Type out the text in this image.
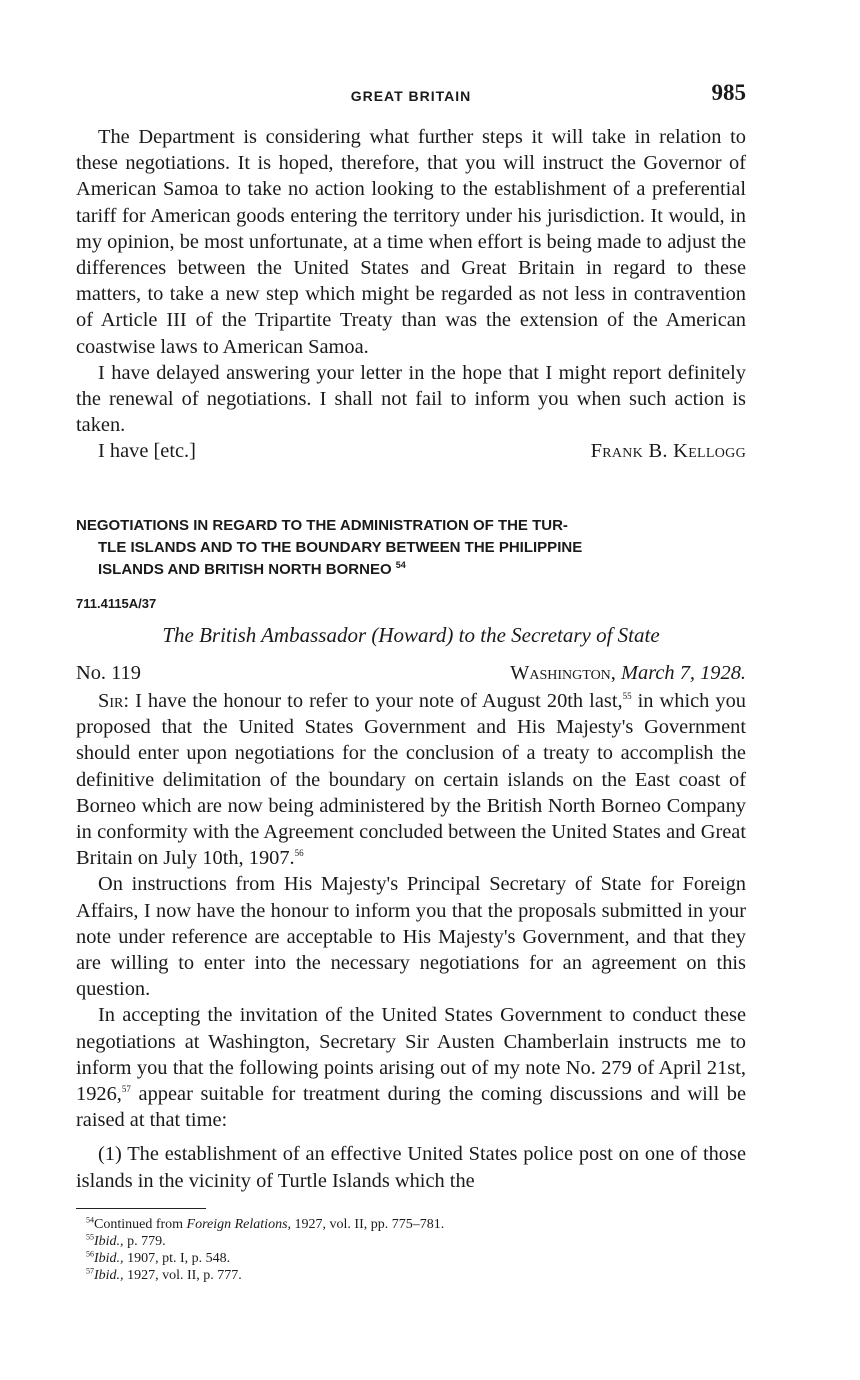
GREAT BRITAIN	985

The Department is considering what further steps it will take in relation to these negotiations. It is hoped, therefore, that you will instruct the Governor of American Samoa to take no action looking to the establishment of a preferential tariff for American goods entering the territory under his jurisdiction. It would, in my opinion, be most unfortunate, at a time when effort is being made to adjust the differences between the United States and Great Britain in regard to these matters, to take a new step which might be regarded as not less in contravention of Article III of the Tripartite Treaty than was the extension of the American coastwise laws to American Samoa.

I have delayed answering your letter in the hope that I might report definitely the renewal of negotiations. I shall not fail to inform you when such action is taken.

I have [etc.]	Frank B. Kellogg
NEGOTIATIONS IN REGARD TO THE ADMINISTRATION OF THE TUR-
TLE ISLANDS AND TO THE BOUNDARY BETWEEN THE PHILIPPINE
ISLANDS AND BRITISH NORTH BORNEO $^{54}$
711.4115A/37
The British Ambassador (Howard) to the Secretary of State
No. 119	Washington, March 7, 1928.

Sir: I have the honour to refer to your note of August 20th last,$^{55}$ in which you proposed that the United States Government and His Majesty's Government should enter upon negotiations for the conclusion of a treaty to accomplish the definitive delimitation of the boundary on certain islands on the East coast of Borneo which are now being administered by the British North Borneo Company in conformity with the Agreement concluded between the United States and Great Britain on July 10th, 1907.56

On instructions from His Majesty's Principal Secretary of State for Foreign Affairs, I now have the honour to inform you that the proposals submitted in your note under reference are acceptable to His Majesty's Government, and that they are willing to enter into the necessary negotiations for an agreement on this question.

In accepting the invitation of the United States Government to conduct these negotiations at Washington, Secretary Sir Austen Chamberlain instructs me to inform you that the following points arising out of my note No. 279 of April 21st, 1926,57 appear suitable for treatment during the coming discussions and will be raised at that time:

(1) The establishment of an effective United States police post on one of those islands in the vicinity of Turtle Islands which the

$^{54}$Continued from Foreign Relations, 1927, vol. II, pp. 775–781.
$^{55}$Ibid., p. 779.
$^{56}$Ibid., 1907, pt. I, p. 548.
$^{57}$Ibid., 1927, vol. II, p. 777.
